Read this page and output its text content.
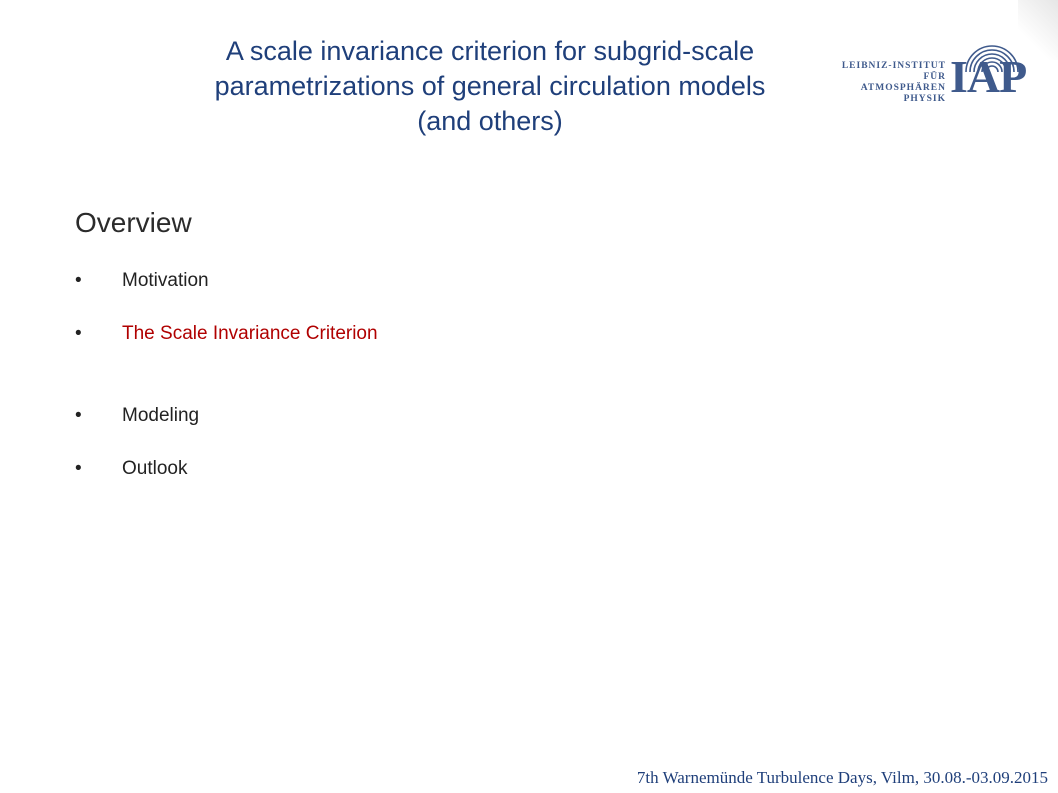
A scale invariance criterion for subgrid-scale
parametrizations of general circulation models
(and others)
LEIBNIZ-INSTITUT
FÜR
ATMOSPHÄREN
PHYSIK IAP
Overview
• Motivation
• The Scale Invariance Criterion
• Modeling
• Outlook
7th Warnemünde Turbulence Days, Vilm, 30.08.-03.09.2015
